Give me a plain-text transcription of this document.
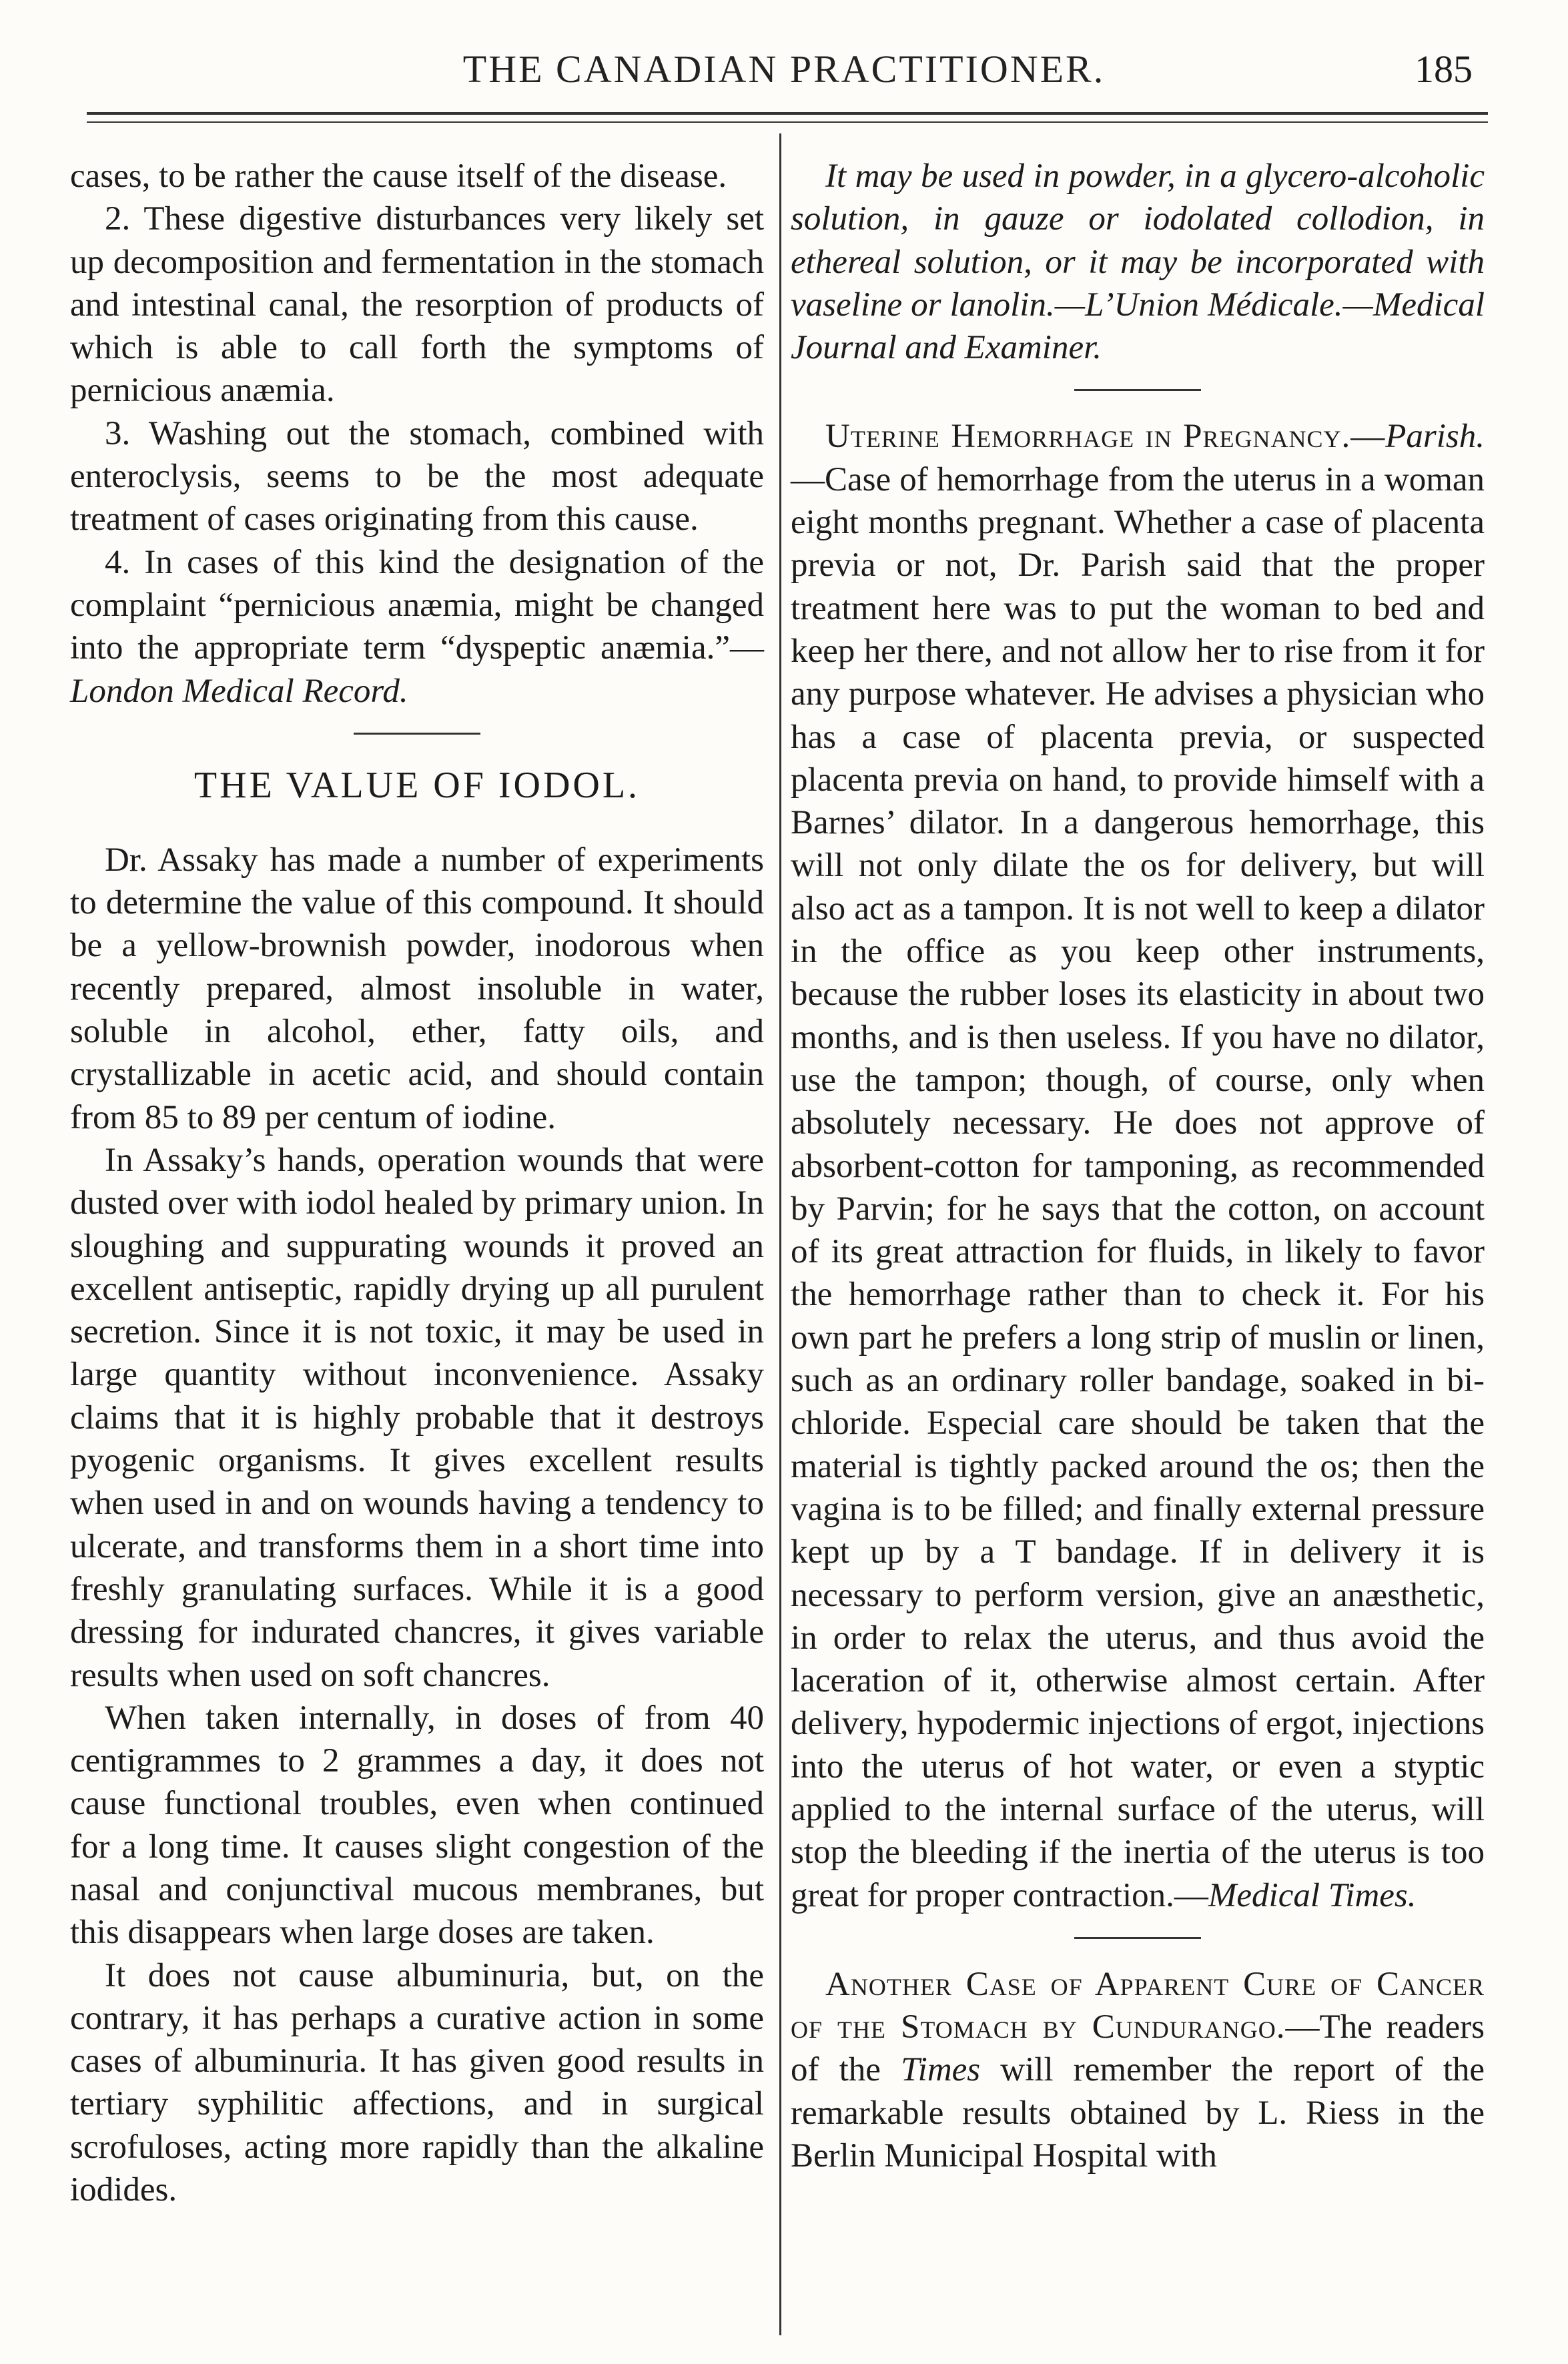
THE CANADIAN PRACTITIONER.	185

cases, to be rather the cause itself of the disease.

2. These digestive disturbances very likely set up decomposition and fermentation in the stomach and intestinal canal, the resorption of products of which is able to call forth the symptoms of pernicious anæmia.

3. Washing out the stomach, combined with enteroclysis, seems to be the most adequate treatment of cases originating from this cause.

4. In cases of this kind the designation of the complaint “pernicious anæmia, might be changed into the appropriate term “dyspeptic anæmia.”—London Medical Record.

THE VALUE OF IODOL.

Dr. Assaky has made a number of experiments to determine the value of this compound. It should be a yellow-brownish powder, inodorous when recently prepared, almost insoluble in water, soluble in alcohol, ether, fatty oils, and crystallizable in acetic acid, and should contain from 85 to 89 per centum of iodine.

In Assaky’s hands, operation wounds that were dusted over with iodol healed by primary union. In sloughing and suppurating wounds it proved an excellent antiseptic, rapidly drying up all purulent secretion. Since it is not toxic, it may be used in large quantity without inconvenience. Assaky claims that it is highly probable that it destroys pyogenic organisms. It gives excellent results when used in and on wounds having a tendency to ulcerate, and transforms them in a short time into freshly granulating surfaces. While it is a good dressing for indurated chancres, it gives variable results when used on soft chancres.

When taken internally, in doses of from 40 centigrammes to 2 grammes a day, it does not cause functional troubles, even when continued for a long time. It causes slight congestion of the nasal and conjunctival mucous membranes, but this disappears when large doses are taken.

It does not cause albuminuria, but, on the contrary, it has perhaps a curative action in some cases of albuminuria. It has given good results in tertiary syphilitic affections, and in surgical scrofuloses, acting more rapidly than the alkaline iodides.

It may be used in powder, in a glycero-alcoholic solution, in gauze or iodolated collodion, in ethereal solution, or it may be incorporated with vaseline or lanolin.—L’Union Médicale.—Medical Journal and Examiner.

Uterine Hemorrhage in Pregnancy.—Parish.—Case of hemorrhage from the uterus in a woman eight months pregnant. Whether a case of placenta previa or not, Dr. Parish said that the proper treatment here was to put the woman to bed and keep her there, and not allow her to rise from it for any purpose whatever. He advises a physician who has a case of placenta previa, or suspected placenta previa on hand, to provide himself with a Barnes’ dilator. In a dangerous hemorrhage, this will not only dilate the os for delivery, but will also act as a tampon. It is not well to keep a dilator in the office as you keep other instruments, because the rubber loses its elasticity in about two months, and is then useless. If you have no dilator, use the tampon; though, of course, only when absolutely necessary. He does not approve of absorbent-cotton for tamponing, as recommended by Parvin; for he says that the cotton, on account of its great attraction for fluids, in likely to favor the hemorrhage rather than to check it. For his own part he prefers a long strip of muslin or linen, such as an ordinary roller bandage, soaked in bi-chloride. Especial care should be taken that the material is tightly packed around the os; then the vagina is to be filled; and finally external pressure kept up by a T bandage. If in delivery it is necessary to perform version, give an anæsthetic, in order to relax the uterus, and thus avoid the laceration of it, otherwise almost certain. After delivery, hypodermic injections of ergot, injections into the uterus of hot water, or even a styptic applied to the internal surface of the uterus, will stop the bleeding if the inertia of the uterus is too great for proper contraction.—Medical Times.

Another Case of Apparent Cure of Cancer of the Stomach by Cundurango.—The readers of the Times will remember the report of the remarkable results obtained by L. Riess in the Berlin Municipal Hospital with
